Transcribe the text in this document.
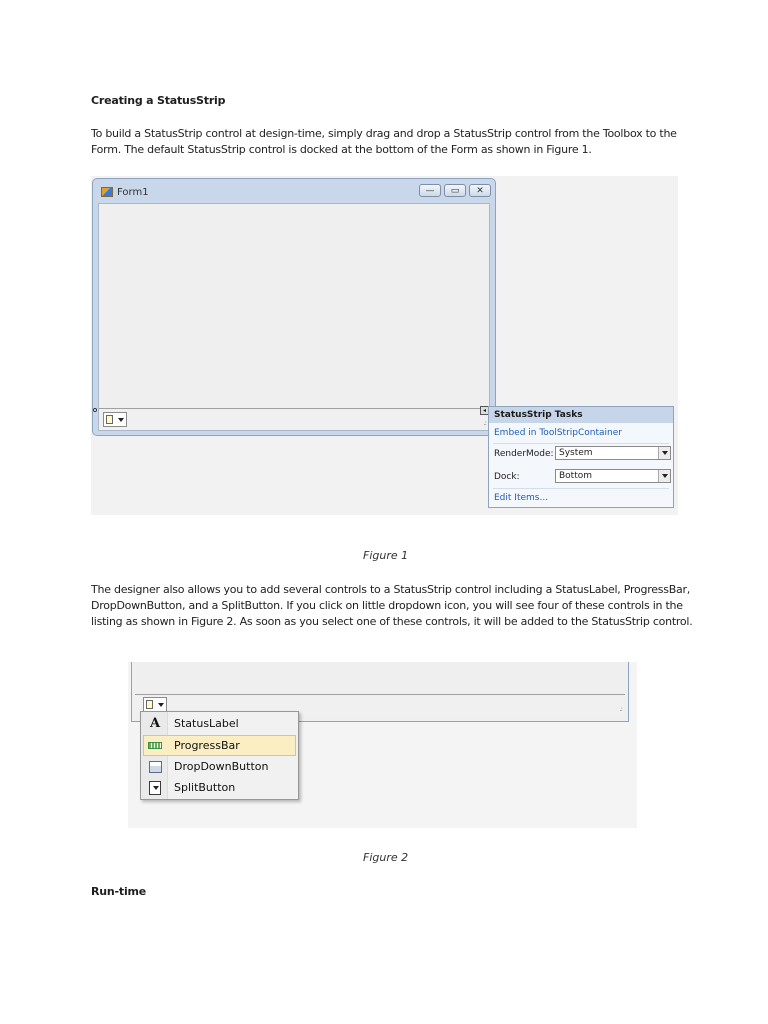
Creating a StatusStrip
To build a StatusStrip control at design-time, simply drag and drop a StatusStrip control from the Toolbox to the
Form. The default StatusStrip control is docked at the bottom of the Form as shown in Figure 1.
Form1	—	▭	✕
.:
◂ StatusStrip Tasks
Embed in ToolStripContainer
RenderMode: System
Dock:	Bottom
Edit Items...
Figure 1
The designer also allows you to add several controls to a StatusStrip control including a StatusLabel, ProgressBar,
DropDownButton, and a SplitButton. If you click on little dropdown icon, you will see four of these controls in the
listing as shown in Figure 2. As soon as you select one of these controls, it will be added to the StatusStrip control.
.:
A StatusLabel
ProgressBar
DropDownButton
SplitButton
Figure 2
Run-time
